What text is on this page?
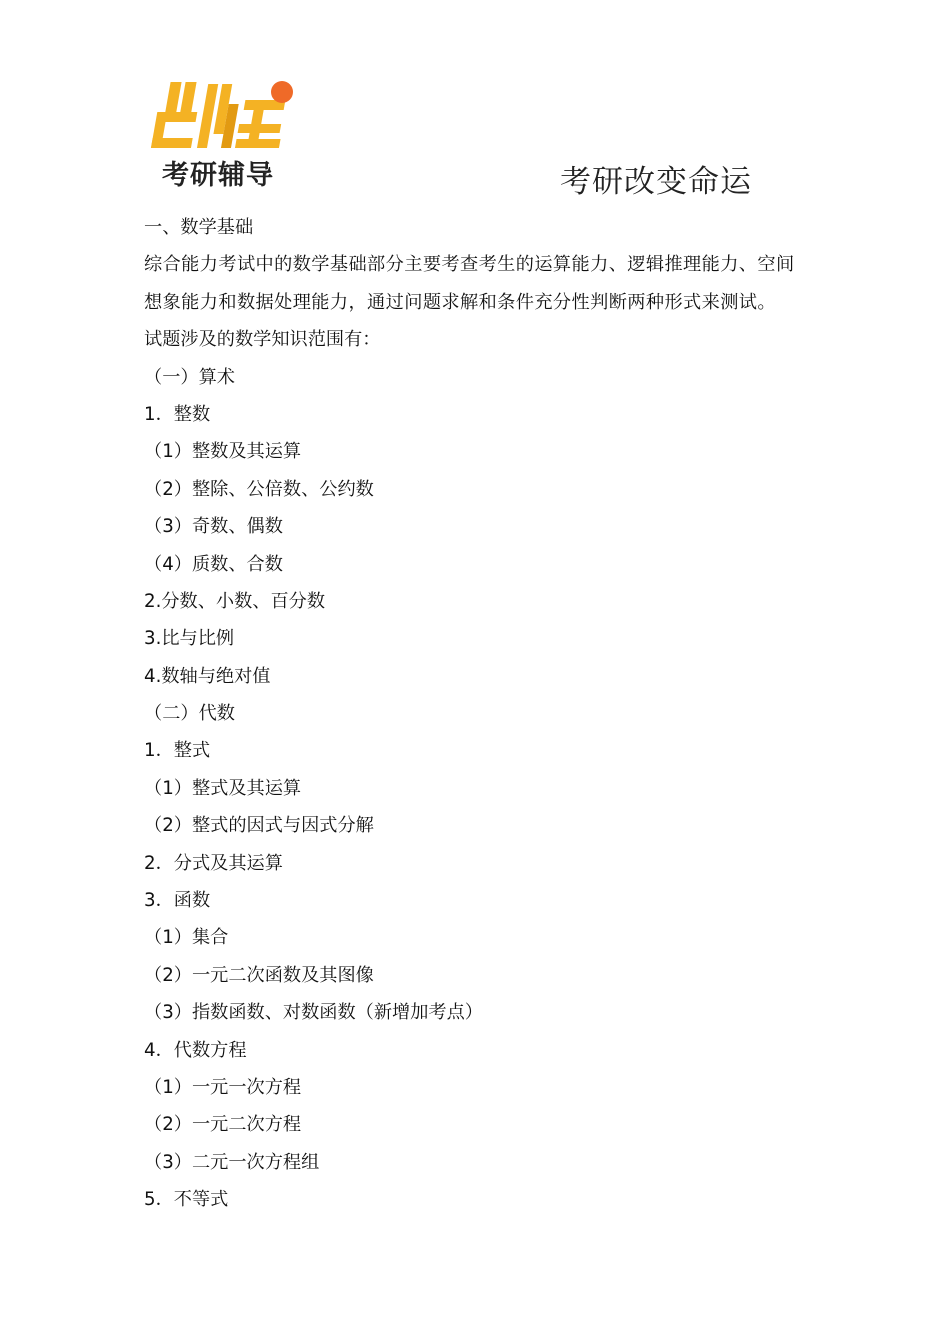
考研辅导	考研改变命运
一、数学基础
综合能力考试中的数学基础部分主要考查考生的运算能力、逻辑推理能力、空间
想象能力和数据处理能力，通过问题求解和条件充分性判断两种形式来测试。
试题涉及的数学知识范围有：
（一）算术
1．整数
（1）整数及其运算
（2）整除、公倍数、公约数
（3）奇数、偶数
（4）质数、合数
2.分数、小数、百分数
3.比与比例
4.数轴与绝对值
（二）代数
1．整式
（1）整式及其运算
（2）整式的因式与因式分解
2．分式及其运算
3．函数
（1）集合
（2）一元二次函数及其图像
（3）指数函数、对数函数（新增加考点）
4．代数方程
（1）一元一次方程
（2）一元二次方程
（3）二元一次方程组
5．不等式
